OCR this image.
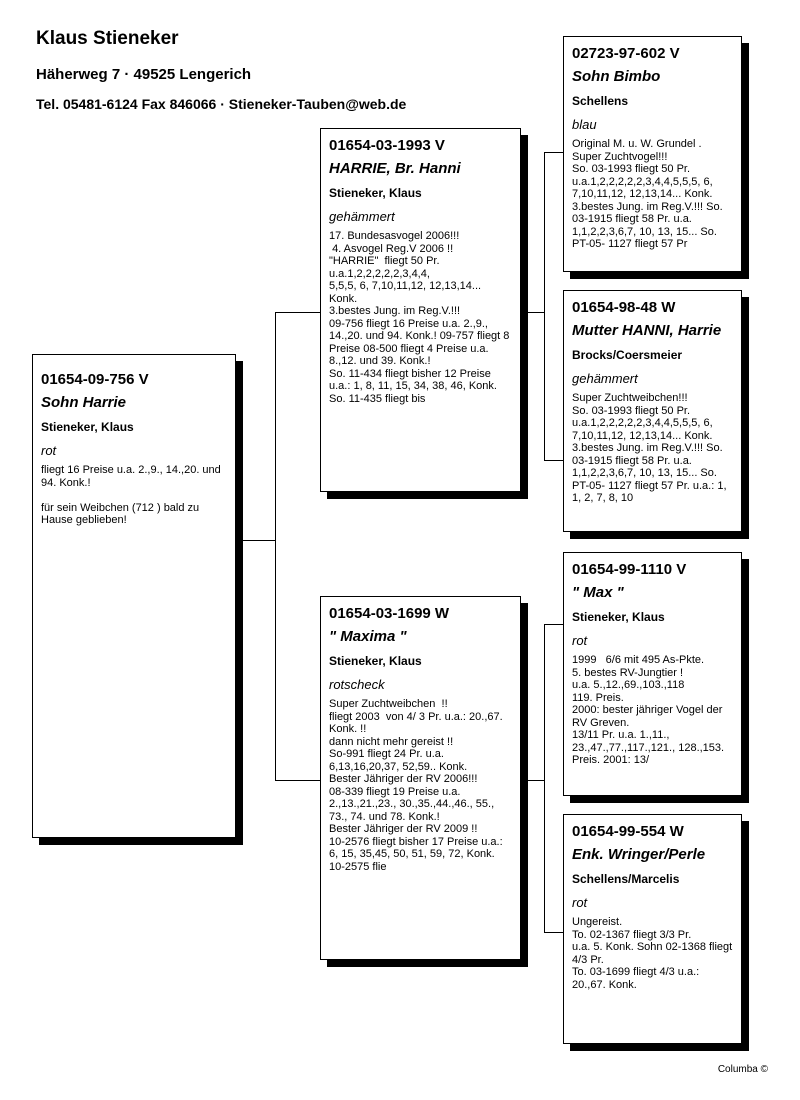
Klaus Stieneker
Häherweg 7 · 49525 Lengerich
Tel. 05481-6124 Fax 846066 · Stieneker-Tauben@web.de
01654-09-756 V
Sohn Harrie
Stieneker, Klaus
rot
fliegt 16 Preise u.a. 2.,9., 14.,20. und 94. Konk.!

für sein Weibchen (712 ) bald zu Hause geblieben!
01654-03-1993 V
HARRIE, Br. Hanni
Stieneker, Klaus
gehämmert
17. Bundesasvogel 2006!!!
4. Asvogel Reg.V 2006 !!
"HARRIE"  fliegt 50 Pr. u.a.1,2,2,2,2,2,3,4,4,
5,5,5, 6, 7,10,11,12, 12,13,14... Konk.
3.bestes Jung. im Reg.V.!!!
09-756 fliegt 16 Preise u.a. 2.,9., 14.,20. und 94. Konk.! 09-757 fliegt 8 Preise 08-500 fliegt 4 Preise u.a. 8.,12. und 39. Konk.!
So. 11-434 fliegt bisher 12 Preise u.a.: 1, 8, 11, 15, 34, 38, 46, Konk.
So. 11-435 fliegt bis
01654-03-1699 W
" Maxima "
Stieneker, Klaus
rotscheck
Super Zuchtweibchen  !!
fliegt 2003  von 4/ 3 Pr. u.a.: 20.,67. Konk. !!
dann nicht mehr gereist !!
So-991 fliegt 24 Pr. u.a. 6,13,16,20,37, 52,59.. Konk.
Bester Jähriger der RV 2006!!!
08-339 fliegt 19 Preise u.a. 2.,13.,21.,23., 30.,35.,44.,46., 55., 73., 74. und 78. Konk.!
Bester Jähriger der RV 2009 !!
10-2576 fliegt bisher 17 Preise u.a.: 6, 15, 35,45, 50, 51, 59, 72, Konk. 10-2575 flie
02723-97-602 V
Sohn Bimbo
Schellens
blau
Original M. u. W. Grundel .
Super Zuchtvogel!!!
So. 03-1993 fliegt 50 Pr. u.a.1,2,2,2,2,2,3,4,4,5,5,5, 6, 7,10,11,12, 12,13,14... Konk.
3.bestes Jung. im Reg.V.!!! So. 03-1915 fliegt 58 Pr. u.a. 1,1,2,2,3,6,7, 10, 13, 15... So. PT-05- 1127 fliegt 57 Pr
01654-98-48 W
Mutter HANNI, Harrie
Brocks/Coersmeier
gehämmert
Super Zuchtweibchen!!!
So. 03-1993 fliegt 50 Pr. u.a.1,2,2,2,2,2,3,4,4,5,5,5, 6, 7,10,11,12, 12,13,14... Konk.
3.bestes Jung. im Reg.V.!!! So. 03-1915 fliegt 58 Pr. u.a. 1,1,2,2,3,6,7, 10, 13, 15... So. PT-05- 1127 fliegt 57 Pr. u.a.: 1, 1, 2, 7, 8, 10
01654-99-1110 V
" Max "
Stieneker, Klaus
rot
1999   6/6 mit 495 As-Pkte.
5. bestes RV-Jungtier !
u.a. 5.,12.,69.,103.,118
119. Preis.
2000: bester jähriger Vogel der RV Greven.
13/11 Pr. u.a. 1.,11., 23.,47.,77.,117.,121., 128.,153. Preis. 2001: 13/
01654-99-554 W
Enk. Wringer/Perle
Schellens/Marcelis
rot
Ungereist.
To. 02-1367 fliegt 3/3 Pr.
u.a. 5. Konk. Sohn 02-1368 fliegt 4/3 Pr.
To. 03-1699 fliegt 4/3 u.a.: 20.,67. Konk.
Columba ©
